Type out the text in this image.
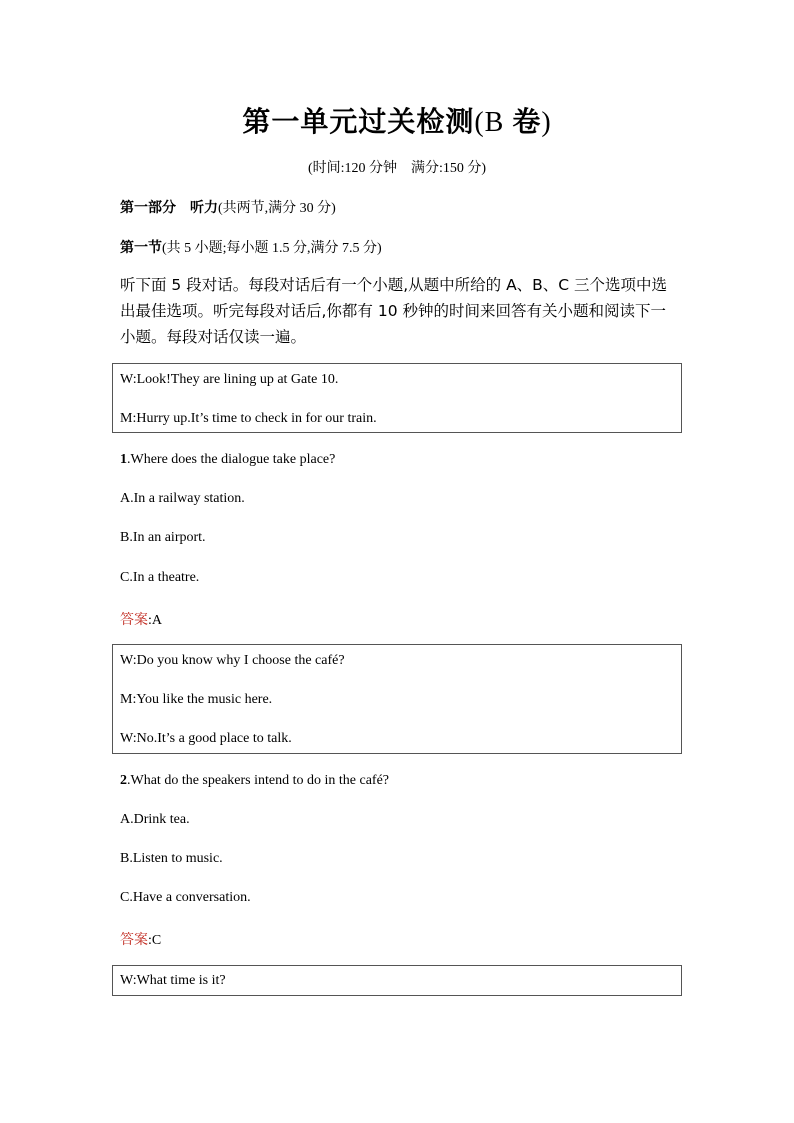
第一单元过关检测(B 卷)
(时间:120 分钟    满分:150 分)
第一部分 听力(共两节,满分 30 分)
第一节(共 5 小题;每小题 1.5 分,满分 7.5 分)
听下面 5 段对话。每段对话后有一个小题,从题中所给的 A、B、C 三个选项中选出最佳选项。听完每段对话后,你都有 10 秒钟的时间来回答有关小题和阅读下一小题。每段对话仅读一遍。
W:Look!They are lining up at Gate 10.
M:Hurry up.It’s time to check in for our train.
1.Where does the dialogue take place?
A.In a railway station.
B.In an airport.
C.In a theatre.
答案:A
W:Do you know why I choose the café?
M:You like the music here.
W:No.It’s a good place to talk.
2.What do the speakers intend to do in the café?
A.Drink tea.
B.Listen to music.
C.Have a conversation.
答案:C
W:What time is it?
